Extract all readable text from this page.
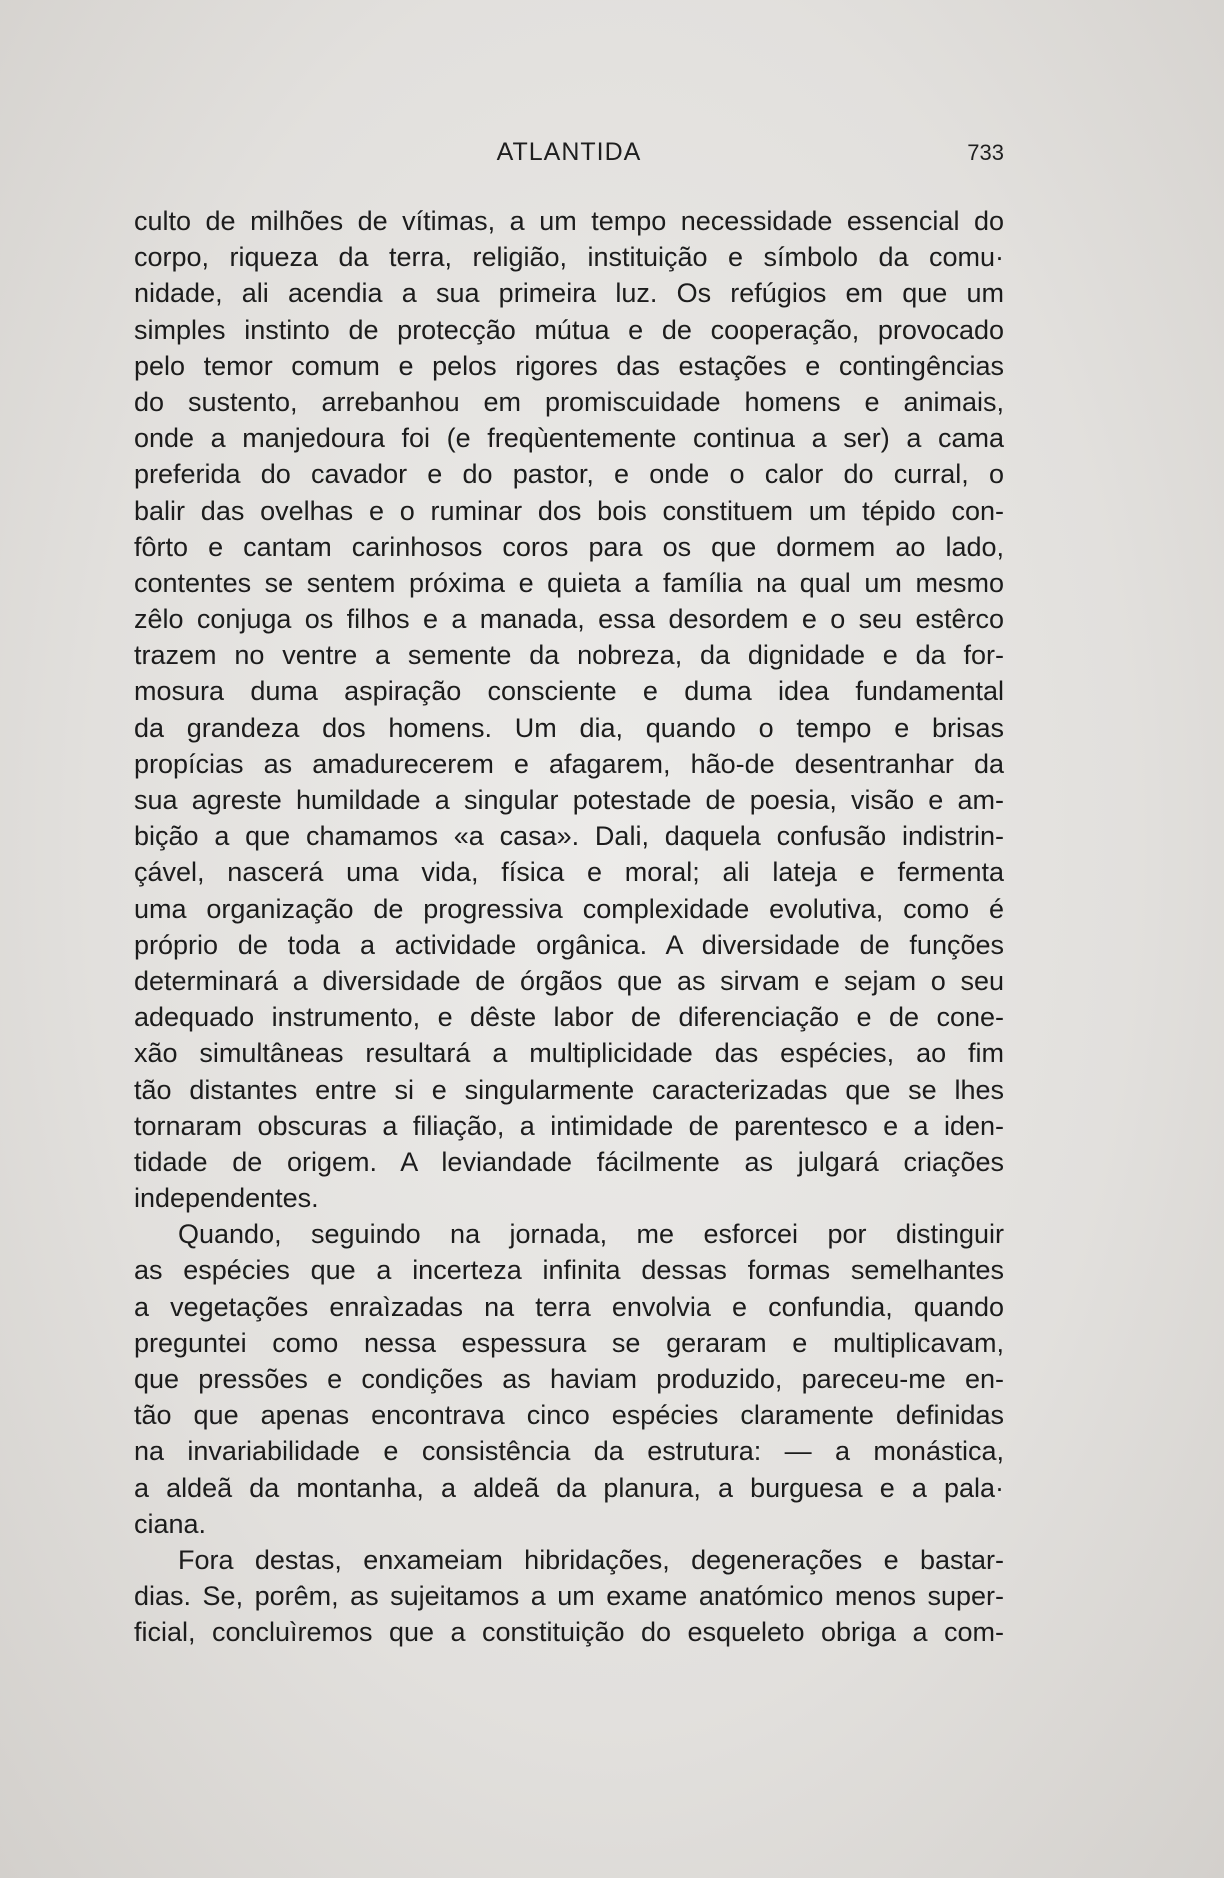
ATLANTIDA	733
culto de milhões de vítimas, a um tempo necessidade essencial do
corpo, riqueza da terra, religião, instituição e símbolo da comu·
nidade, ali acendia a sua primeira luz. Os refúgios em que um
simples instinto de protecção mútua e de cooperação, provocado
pelo temor comum e pelos rigores das estações e contingências
do sustento, arrebanhou em promiscuidade homens e animais,
onde a manjedoura foi (e freqùentemente continua a ser) a cama
preferida do cavador e do pastor, e onde o calor do curral, o
balir das ovelhas e o ruminar dos bois constituem um tépido con-
fôrto e cantam carinhosos coros para os que dormem ao lado,
contentes se sentem próxima e quieta a família na qual um mesmo
zêlo conjuga os filhos e a manada, essa desordem e o seu estêrco
trazem no ventre a semente da nobreza, da dignidade e da for-
mosura duma aspiração consciente e duma idea fundamental
da grandeza dos homens. Um dia, quando o tempo e brisas
propícias as amadurecerem e afagarem, hão-de desentranhar da
sua agreste humildade a singular potestade de poesia, visão e am-
bição a que chamamos «a casa». Dali, daquela confusão indistrin-
çável, nascerá uma vida, física e moral; ali lateja e fermenta
uma organização de progressiva complexidade evolutiva, como é
próprio de toda a actividade orgânica. A diversidade de funções
determinará a diversidade de órgãos que as sirvam e sejam o seu
adequado instrumento, e dêste labor de diferenciação e de cone-
xão simultâneas resultará a multiplicidade das espécies, ao fim
tão distantes entre si e singularmente caracterizadas que se lhes
tornaram obscuras a filiação, a intimidade de parentesco e a iden-
tidade de origem. A leviandade fácilmente as julgará criações
independentes.
Quando, seguindo na jornada, me esforcei por distinguir
as espécies que a incerteza infinita dessas formas semelhantes
a vegetações enraìzadas na terra envolvia e confundia, quando
preguntei como nessa espessura se geraram e multiplicavam,
que pressões e condições as haviam produzido, pareceu-me en-
tão que apenas encontrava cinco espécies claramente definidas
na invariabilidade e consistência da estrutura: — a monástica,
a aldeã da montanha, a aldeã da planura, a burguesa e a pala·
ciana.
Fora destas, enxameiam hibridações, degenerações e bastar-
dias. Se, porêm, as sujeitamos a um exame anatómico menos super-
ficial, concluìremos que a constituição do esqueleto obriga a com-
